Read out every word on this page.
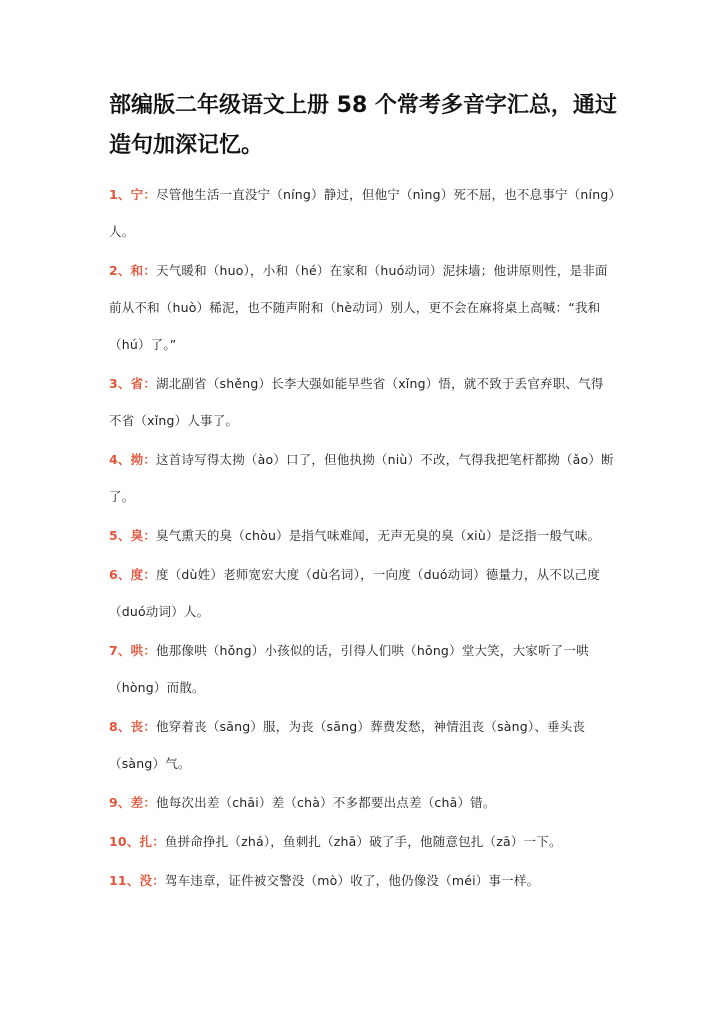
部编版二年级语文上册 58 个常考多音字汇总，通过造句加深记忆。

1、宁：尽管他生活一直没宁（níng）静过，但他宁（nìng）死不屈，也不息事宁（níng）人。

2、和：天气暖和（huo），小和（hé）在家和（huó动词）泥抹墙；他讲原则性，是非面前从不和（huò）稀泥，也不随声附和（hè动词）别人，更不会在麻将桌上高喊：“我和（hú）了。”

3、省：湖北副省（shěng）长李大强如能早些省（xǐng）悟，就不致于丢官弃职、气得不省（xǐng）人事了。

4、拗：这首诗写得太拗（ào）口了，但他执拗（niù）不改，气得我把笔杆都拗（ǎo）断了。

5、臭：臭气熏天的臭（chòu）是指气味难闻，无声无臭的臭（xiù）是泛指一般气味。

6、度：度（dù姓）老师宽宏大度（dù名词），一向度（duó动词）德量力，从不以己度（duó动词）人。

7、哄：他那像哄（hǒng）小孩似的话，引得人们哄（hōng）堂大笑，大家听了一哄（hòng）而散。

8、丧：他穿着丧（sāng）服，为丧（sāng）葬费发愁，神情沮丧（sàng）、垂头丧（sàng）气。

9、差：他每次出差（chāi）差（chà）不多都要出点差（chā）错。

10、扎：鱼拼命挣扎（zhá），鱼刺扎（zhā）破了手，他随意包扎（zā）一下。

11、没：驾车违章，证件被交警没（mò）收了，他仍像没（méi）事一样。
